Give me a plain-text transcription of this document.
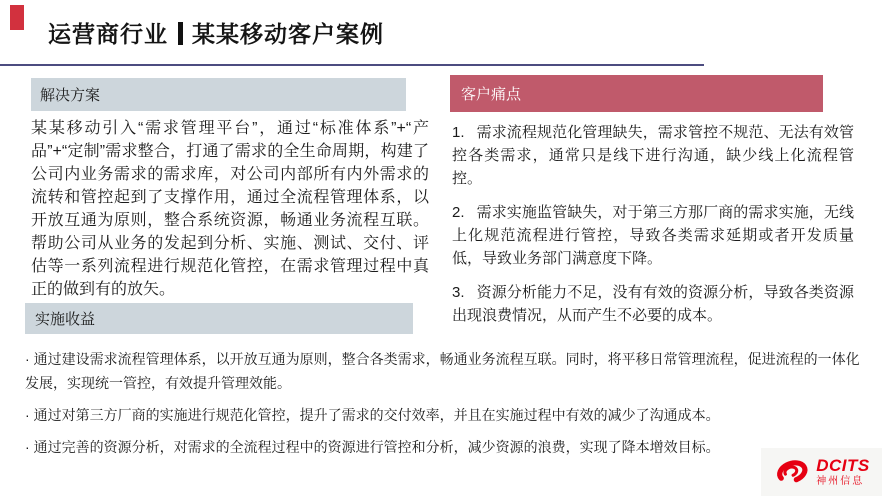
运营商行业 某某移动客户案例
解决方案

某某移动引入“需求管理平台”，通过“标准体系”+“产品”+“定制”需求整合，打通了需求的全生命周期，构建了公司内业务需求的需求库，对公司内部所有内外需求的流转和管控起到了支撑作用，通过全流程管理体系，以开放互通为原则，整合系统资源，畅通业务流程互联。帮助公司从业务的发起到分析、实施、测试、交付、评估等一系列流程进行规范化管控，在需求管理过程中真正的做到有的放矢。

客户痛点

1. 需求流程规范化管理缺失，需求管控不规范、无法有效管控各类需求，通常只是线下进行沟通，缺少线上化流程管控。

2. 需求实施监管缺失，对于第三方那厂商的需求实施，无线上化规范流程进行管控，导致各类需求延期或者开发质量低，导致业务部门满意度下降。

3. 资源分析能力不足，没有有效的资源分析，导致各类资源出现浪费情况，从而产生不必要的成本。

实施收益

· 通过建设需求流程管理体系，以开放互通为原则，整合各类需求，畅通业务流程互联。同时，将平移日常管理流程，促进流程的一体化发展，实现统一管控，有效提升管理效能。

· 通过对第三方厂商的实施进行规范化管控，提升了需求的交付效率，并且在实施过程中有效的减少了沟通成本。

· 通过完善的资源分析，对需求的全流程过程中的资源进行管控和分析，减少资源的浪费，实现了降本增效目标。

DCITS
神州信息
